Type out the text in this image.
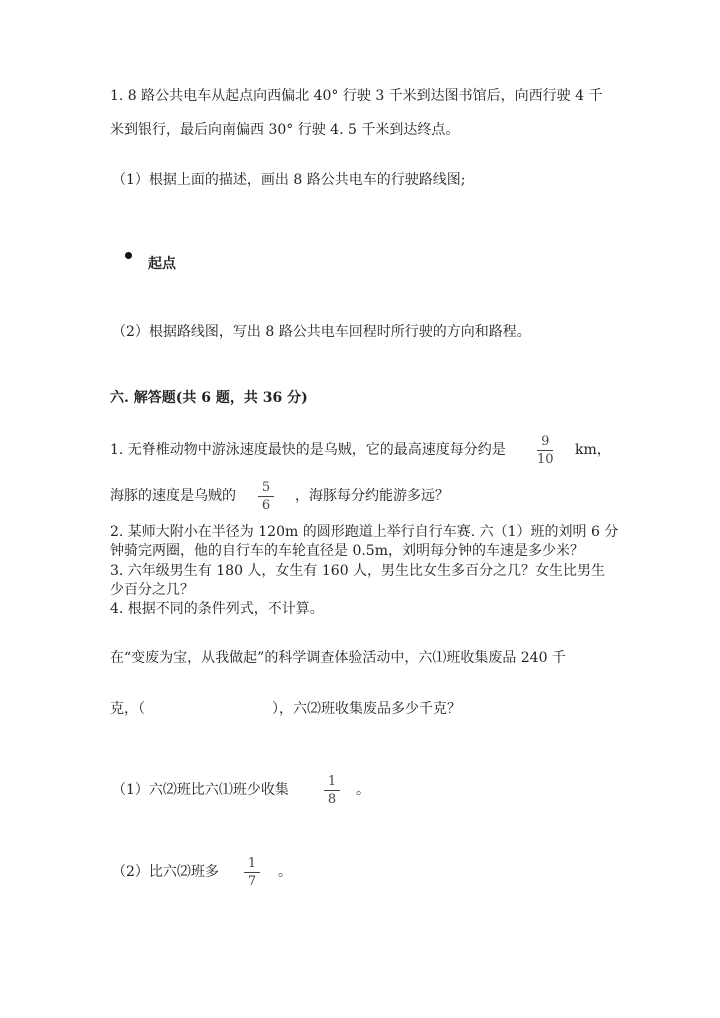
1. 8 路公共电车从起点向西偏北 40° 行驶 3 千米到达图书馆后，向西行驶 4 千
米到银行，最后向南偏西 30° 行驶 4. 5 千米到达终点。
（1）根据上面的描述，画出 8 路公共电车的行驶路线图;
起点
（2）根据路线图，写出 8 路公共电车回程时所行驶的方向和路程。
六. 解答题(共 6 题，共 36 分)
1. 无脊椎动物中游泳速度最快的是乌贼，它的最高速度每分约是
9
10
km，
海豚的速度是乌贼的
5
6
，海豚每分约能游多远？
2. 某师大附小在半径为 120m 的圆形跑道上举行自行车赛. 六（1）班的刘明 6 分
钟骑完两圈，他的自行车的车轮直径是 0.5m，刘明每分钟的车速是多少米？
3. 六年级男生有 180 人，女生有 160 人，男生比女生多百分之几？女生比男生
少百分之几？
4. 根据不同的条件列式，不计算。
在“变废为宝，从我做起”的科学调查体验活动中，六⑴班收集废品 240 千
克，（	），六⑵班收集废品多少千克？
（1）六⑵班比六⑴班少收集
1
8
。
（2）比六⑵班多
1
7
。
